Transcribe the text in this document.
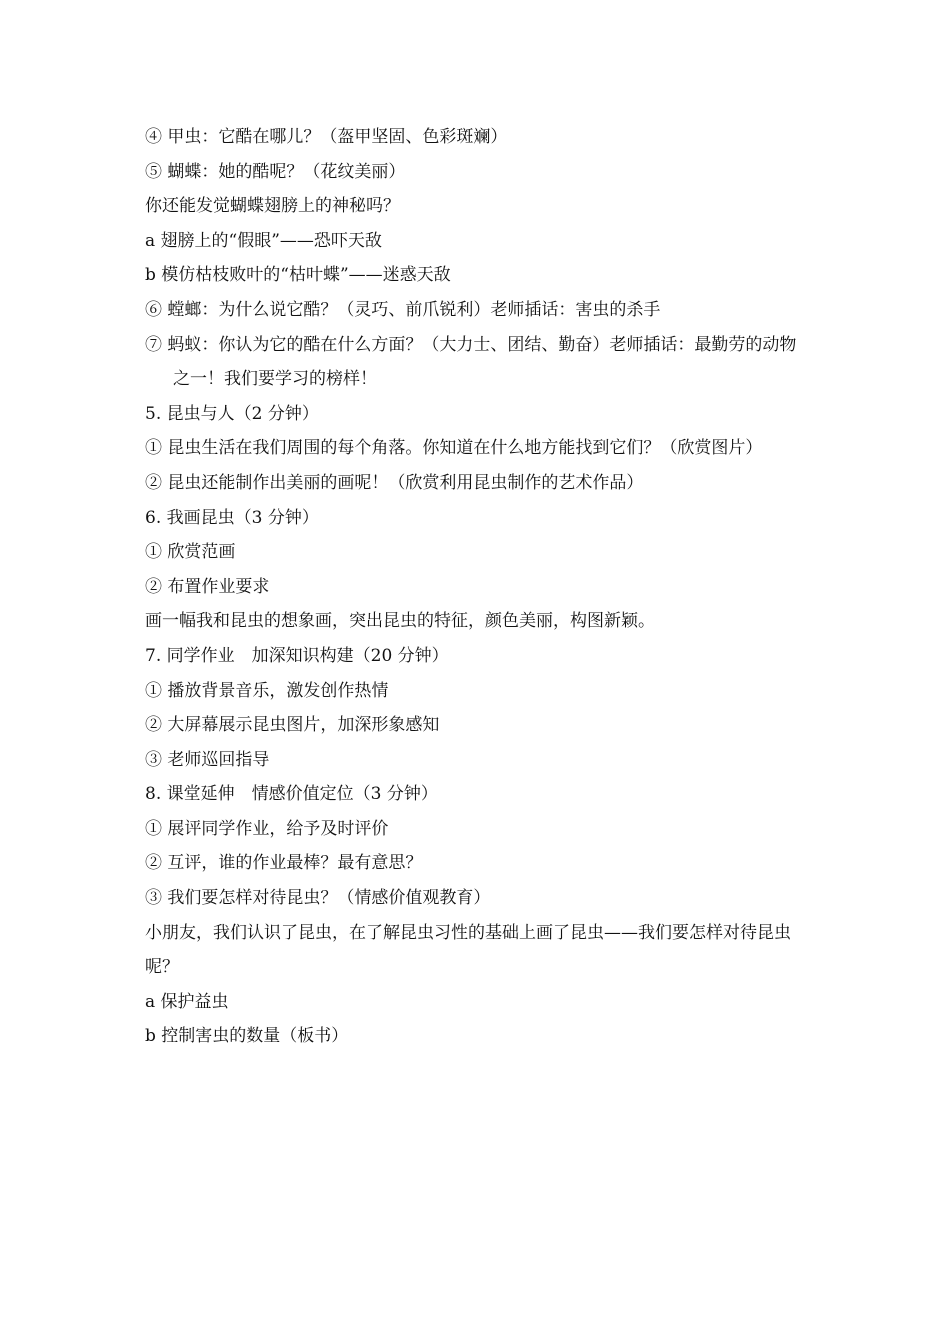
④ 甲虫：它酷在哪儿？（盔甲坚固、色彩斑斓）
⑤ 蝴蝶：她的酷呢？（花纹美丽）
你还能发觉蝴蝶翅膀上的神秘吗？
a 翅膀上的“假眼”——恐吓天敌
b 模仿枯枝败叶的“枯叶蝶”——迷惑天敌
⑥ 螳螂：为什么说它酷？（灵巧、前爪锐利）老师插话：害虫的杀手
⑦ 蚂蚁：你认为它的酷在什么方面？（大力士、团结、勤奋）老师插话：最勤劳的动物之一！我们要学习的榜样！
5. 昆虫与人（2 分钟）
① 昆虫生活在我们周围的每个角落。你知道在什么地方能找到它们？（欣赏图片）
② 昆虫还能制作出美丽的画呢！（欣赏利用昆虫制作的艺术作品）
6. 我画昆虫（3 分钟）
① 欣赏范画
② 布置作业要求
画一幅我和昆虫的想象画，突出昆虫的特征，颜色美丽，构图新颖。
7. 同学作业　加深知识构建（20 分钟）
① 播放背景音乐，激发创作热情
② 大屏幕展示昆虫图片，加深形象感知
③ 老师巡回指导
8. 课堂延伸　情感价值定位（3 分钟）
① 展评同学作业，给予及时评价
② 互评，谁的作业最棒？最有意思？
③ 我们要怎样对待昆虫？（情感价值观教育）
小朋友，我们认识了昆虫，在了解昆虫习性的基础上画了昆虫——我们要怎样对待昆虫呢？
a 保护益虫
b 控制害虫的数量（板书）
